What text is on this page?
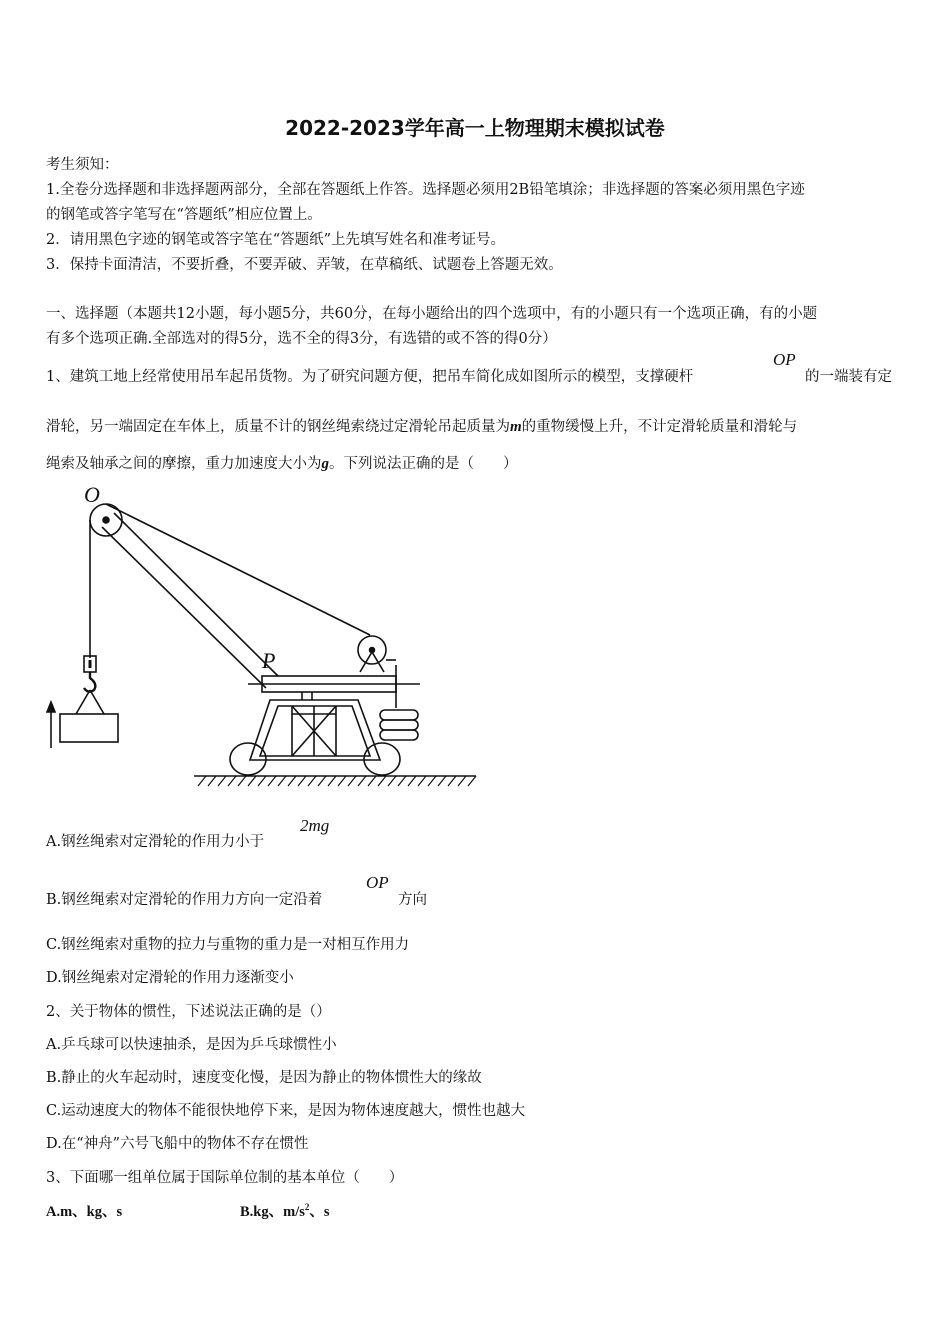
2022-2023学年高一上物理期末模拟试卷
考生须知：
1.全卷分选择题和非选择题两部分，全部在答题纸上作答。选择题必须用2B铅笔填涂；非选择题的答案必须用黑色字迹
的钢笔或答字笔写在“答题纸”相应位置上。
2．请用黑色字迹的钢笔或答字笔在“答题纸”上先填写姓名和准考证号。
3．保持卡面清洁，不要折叠，不要弄破、弄皱，在草稿纸、试题卷上答题无效。
一、选择题（本题共12小题，每小题5分，共60分，在每小题给出的四个选项中，有的小题只有一个选项正确，有的小题
有多个选项正确.全部选对的得5分，选不全的得3分，有选错的或不答的得0分）
1、建筑工地上经常使用吊车起吊货物。为了研究问题方便，把吊车简化成如图所示的模型，支撑硬杆
OP
的一端装有定
滑轮，另一端固定在车体上，质量不计的钢丝绳索绕过定滑轮吊起质量为m的重物缓慢上升，不计定滑轮质量和滑轮与
绳索及轴承之间的摩擦，重力加速度大小为g。下列说法正确的是（　　）
O
P
A.钢丝绳索对定滑轮的作用力小于
2mg
B.钢丝绳索对定滑轮的作用力方向一定沿着
OP
方向
C.钢丝绳索对重物的拉力与重物的重力是一对相互作用力
D.钢丝绳索对定滑轮的作用力逐渐变小
2、关于物体的惯性，下述说法正确的是（）
A.乒乓球可以快速抽杀，是因为乒乓球惯性小
B.静止的火车起动时，速度变化慢，是因为静止的物体惯性大的缘故
C.运动速度大的物体不能很快地停下来，是因为物体速度越大，惯性也越大
D.在“神舟”六号飞船中的物体不存在惯性
3、下面哪一组单位属于国际单位制的基本单位（　　）
A.m、kg、s	B.kg、$m/s^2$、s
